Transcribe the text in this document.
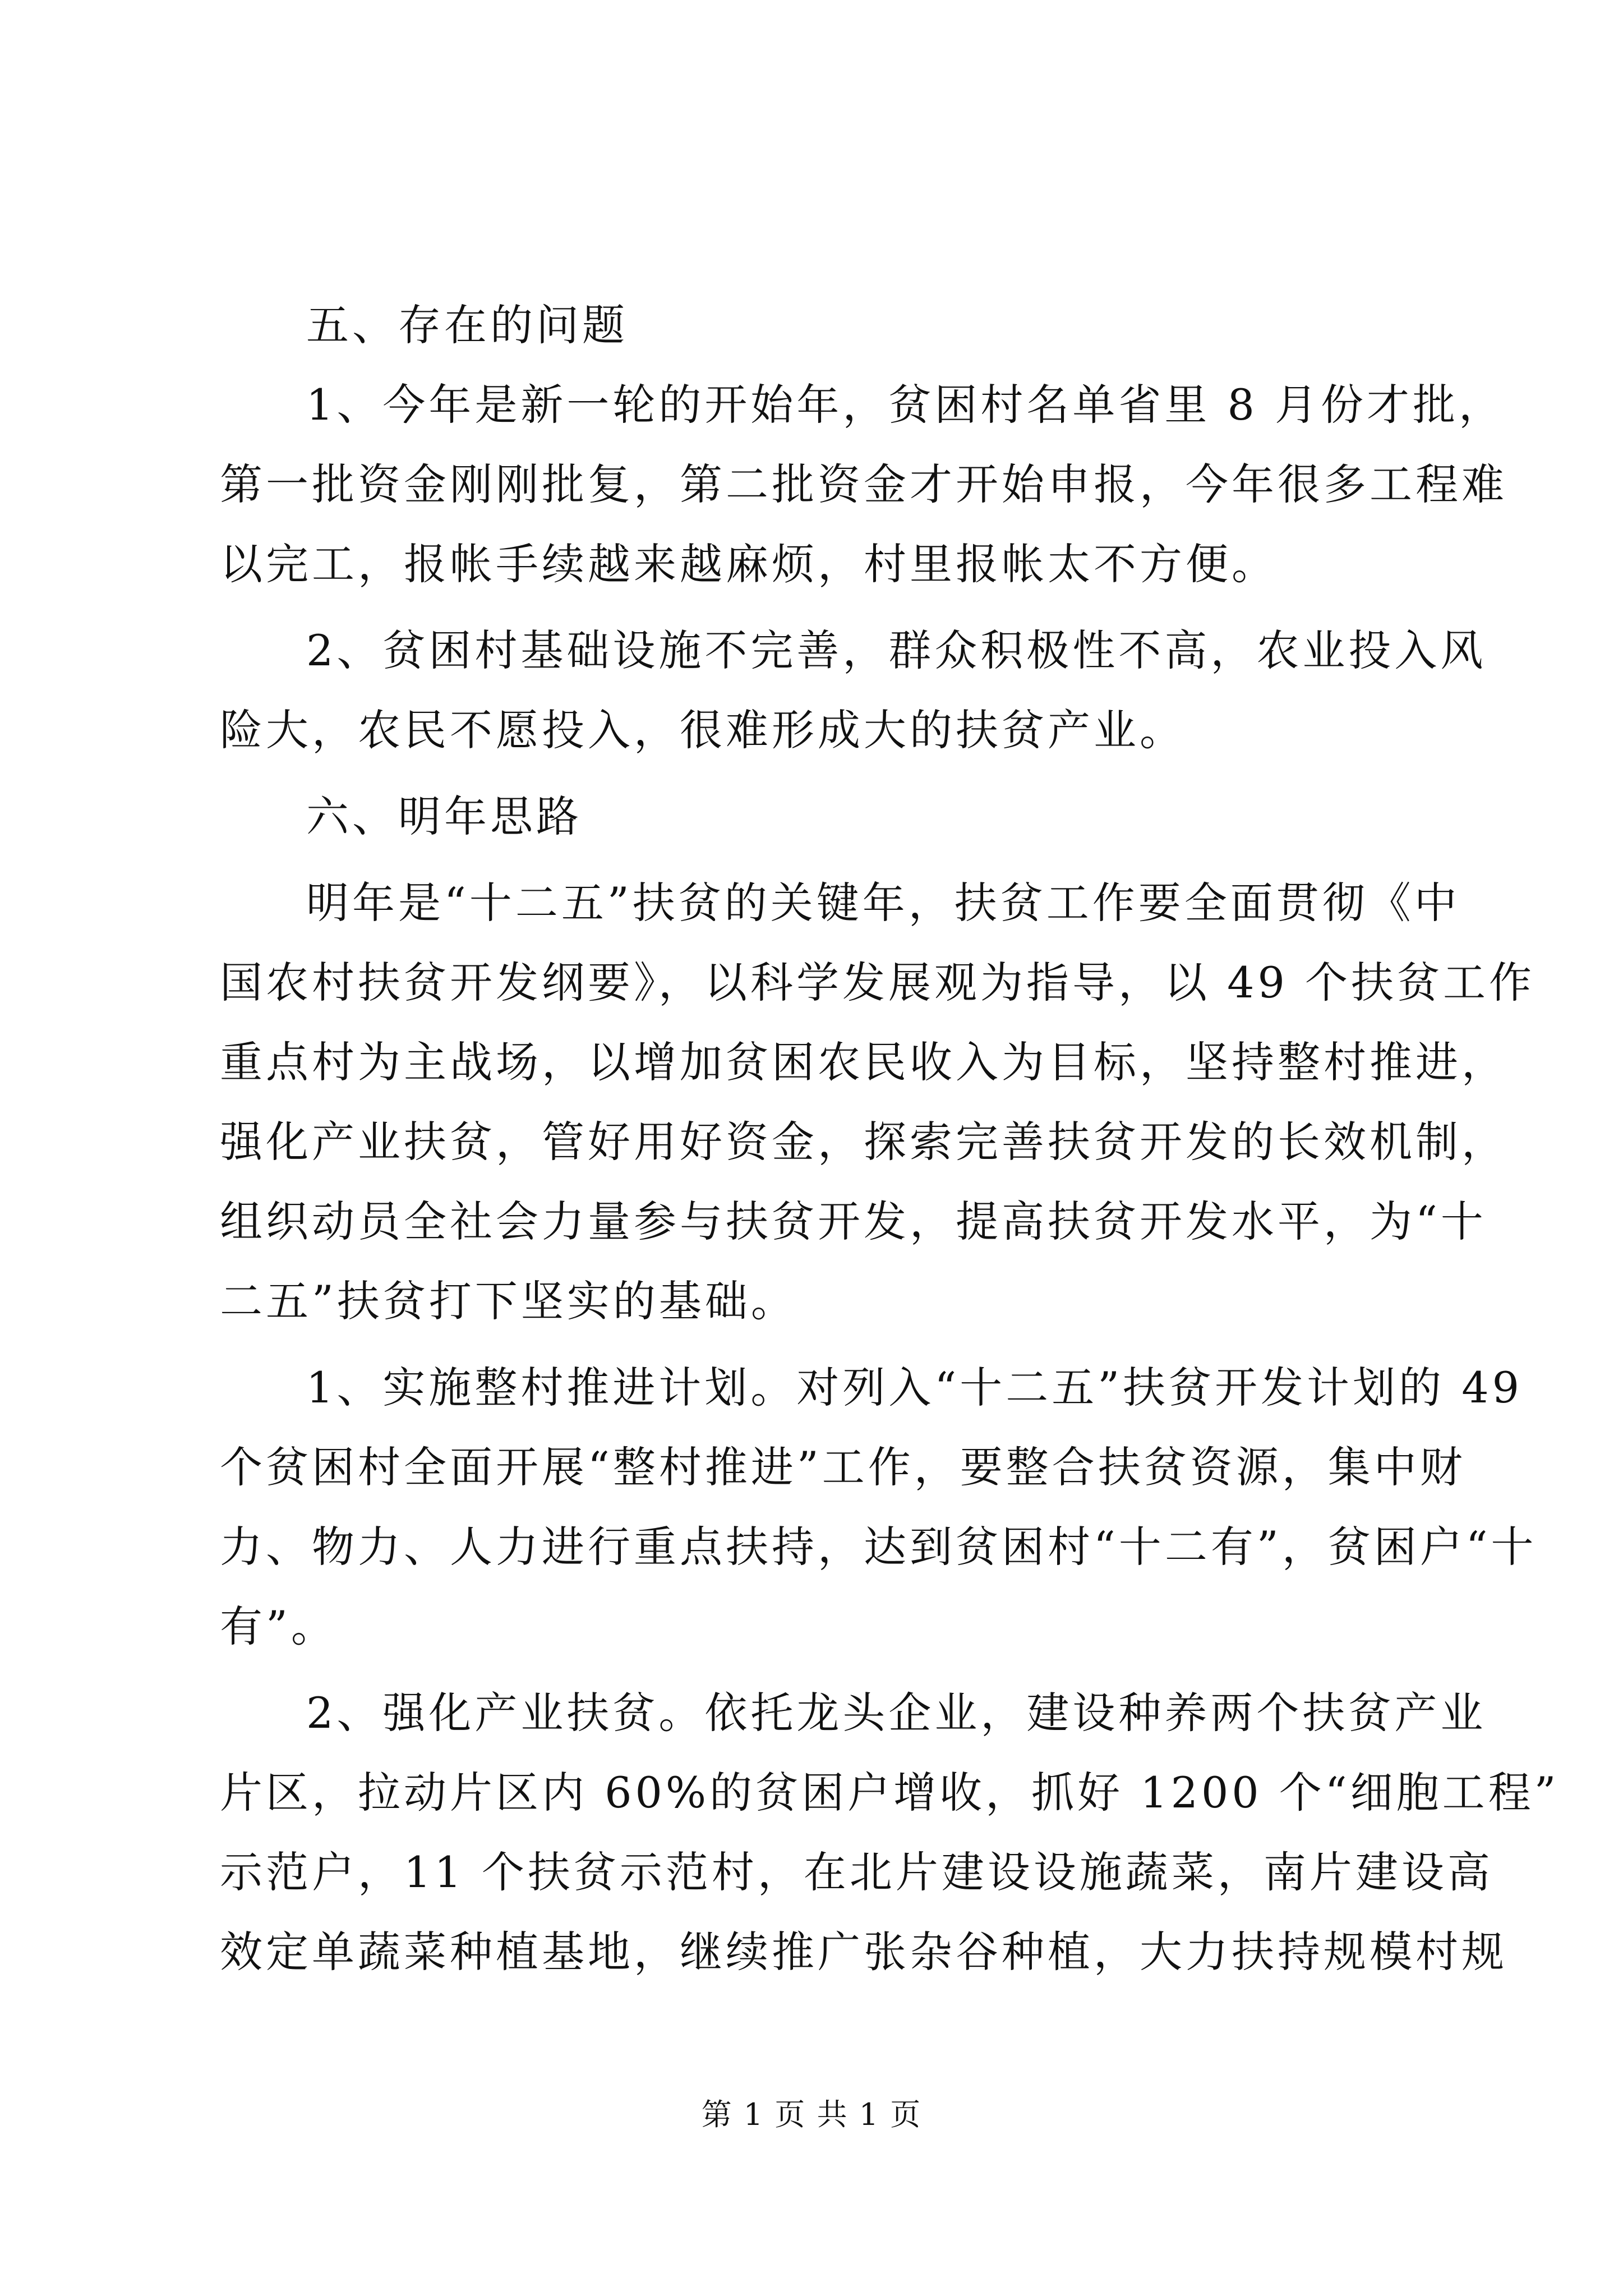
五、存在的问题
1、今年是新一轮的开始年，贫困村名单省里 8 月份才批，
第一批资金刚刚批复，第二批资金才开始申报，今年很多工程难
以完工，报帐手续越来越麻烦，村里报帐太不方便。
2、贫困村基础设施不完善，群众积极性不高，农业投入风
险大，农民不愿投入，很难形成大的扶贫产业。
六、明年思路
明年是“十二五”扶贫的关键年，扶贫工作要全面贯彻《中
国农村扶贫开发纲要》，以科学发展观为指导，以 49 个扶贫工作
重点村为主战场，以增加贫困农民收入为目标，坚持整村推进，
强化产业扶贫，管好用好资金，探索完善扶贫开发的长效机制，
组织动员全社会力量参与扶贫开发，提高扶贫开发水平，为“十
二五”扶贫打下坚实的基础。
1、实施整村推进计划。对列入“十二五”扶贫开发计划的 49
个贫困村全面开展“整村推进”工作，要整合扶贫资源，集中财
力、物力、人力进行重点扶持，达到贫困村“十二有”，贫困户“十
有”。
2、强化产业扶贫。依托龙头企业，建设种养两个扶贫产业
片区，拉动片区内 60%的贫困户增收，抓好 1200 个“细胞工程”
示范户，11 个扶贫示范村，在北片建设设施蔬菜，南片建设高
效定单蔬菜种植基地，继续推广张杂谷种植，大力扶持规模村规
第 1 页 共 1 页
